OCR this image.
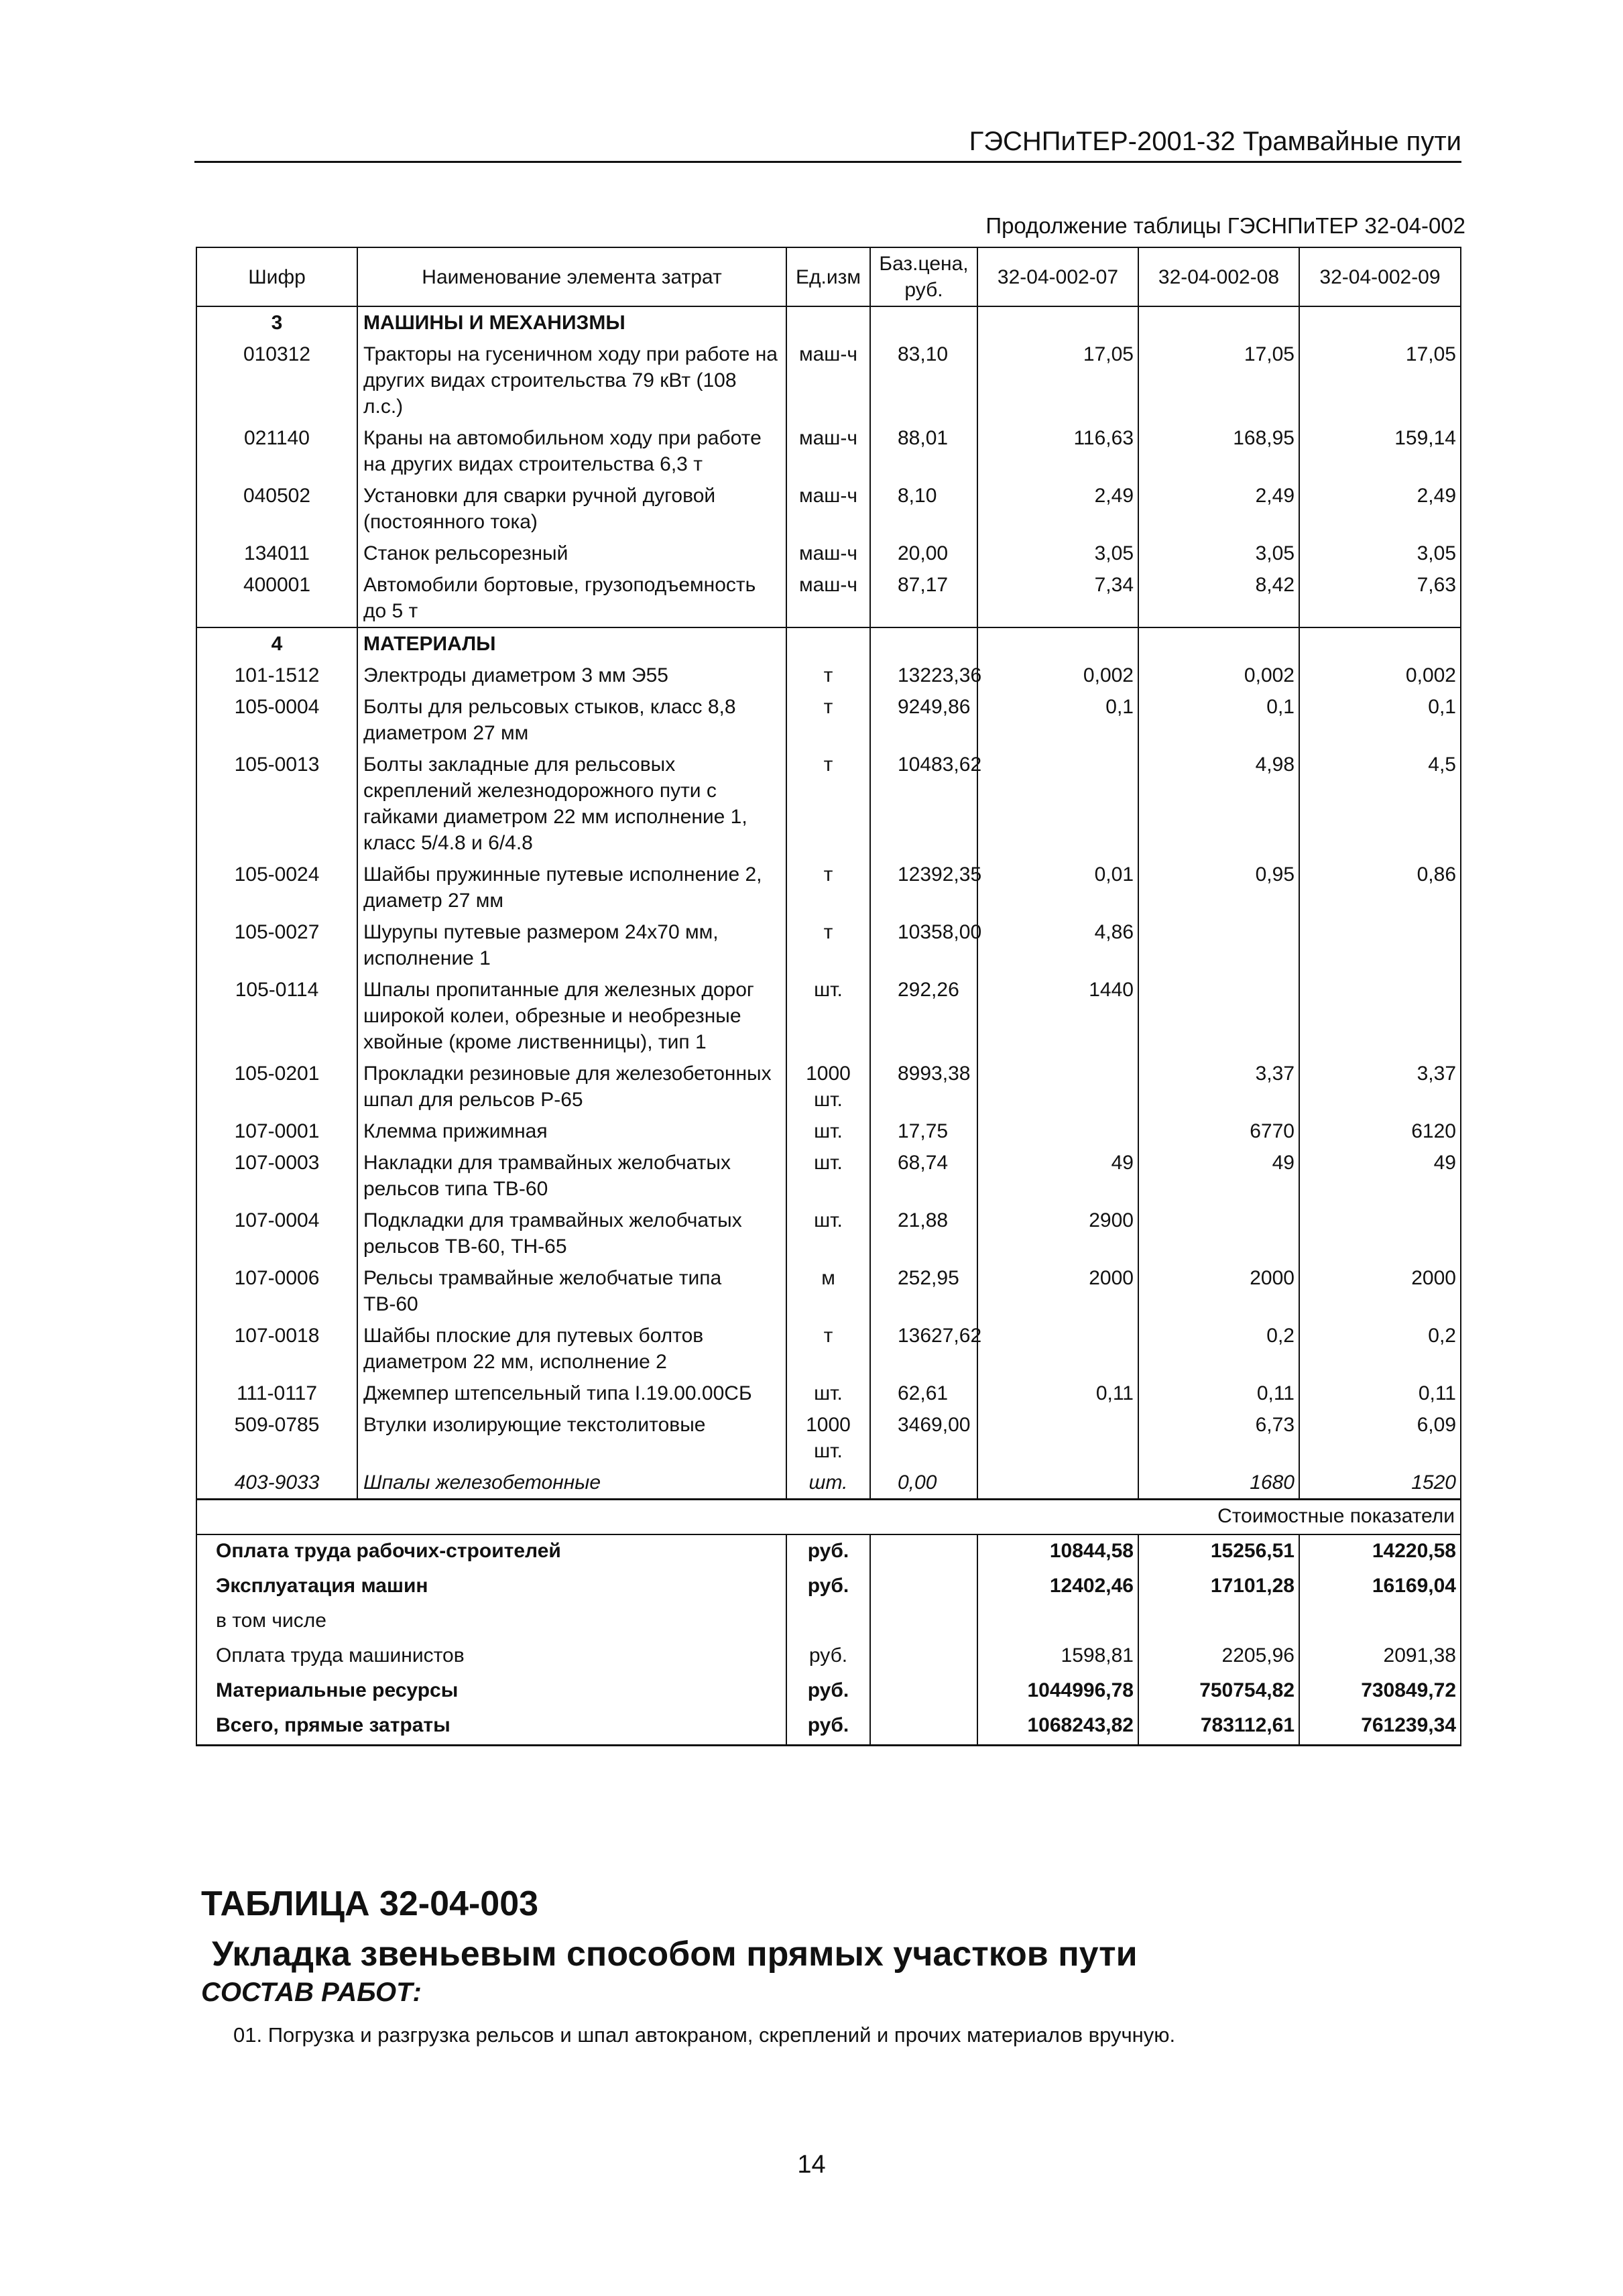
ГЭСНПиТЕР-2001-32 Трамвайные пути
Продолжение таблицы ГЭСНПиТЕР 32-04-002
Шифр	Наименование элемента затрат	Ед.изм	Баз.цена, руб.	32-04-002-07	32-04-002-08	32-04-002-09
3	МАШИНЫ И МЕХАНИЗМЫ					
010312	Тракторы на гусеничном ходу при работе на других видах строительства 79 кВт (108 л.с.)	маш-ч	83,10	17,05	17,05	17,05
021140	Краны на автомобильном ходу при работе на других видах строительства 6,3 т	маш-ч	88,01	116,63	168,95	159,14
040502	Установки для сварки ручной дуговой (постоянного тока)	маш-ч	8,10	2,49	2,49	2,49
134011	Станок рельсорезный	маш-ч	20,00	3,05	3,05	3,05
400001	Автомобили бортовые, грузоподъемность до 5 т	маш-ч	87,17	7,34	8,42	7,63
4	МАТЕРИАЛЫ					
101-1512	Электроды диаметром 3 мм Э55	т	13223,36	0,002	0,002	0,002
105-0004	Болты для рельсовых стыков, класс 8,8 диаметром 27 мм	т	9249,86	0,1	0,1	0,1
105-0013	Болты закладные для рельсовых скреплений железнодорожного пути с гайками диаметром 22 мм исполнение 1, класс 5/4.8 и 6/4.8	т	10483,62		4,98	4,5
105-0024	Шайбы пружинные путевые исполнение 2, диаметр 27 мм	т	12392,35	0,01	0,95	0,86
105-0027	Шурупы путевые размером 24x70 мм, исполнение 1	т	10358,00	4,86		
105-0114	Шпалы пропитанные для железных дорог широкой колеи, обрезные и необрезные хвойные (кроме лиственницы), тип 1	шт.	292,26	1440		
105-0201	Прокладки резиновые для железобетонных шпал для рельсов Р-65	1000 шт.	8993,38		3,37	3,37
107-0001	Клемма прижимная	шт.	17,75		6770	6120
107-0003	Накладки для трамвайных желобчатых рельсов типа ТВ-60	шт.	68,74	49	49	49
107-0004	Подкладки для трамвайных желобчатых рельсов ТВ-60, ТН-65	шт.	21,88	2900		
107-0006	Рельсы трамвайные желобчатые типа ТВ-60	м	252,95	2000	2000	2000
107-0018	Шайбы плоские для путевых болтов диаметром 22 мм, исполнение 2	т	13627,62		0,2	0,2
111-0117	Джемпер штепсельный типа I.19.00.00СБ	шт.	62,61	0,11	0,11	0,11
509-0785	Втулки изолирующие текстолитовые	1000 шт.	3469,00		6,73	6,09
403-9033	Шпалы железобетонные	шт.	0,00		1680	1520
Стоимостные показатели						
Оплата труда рабочих-строителей		руб.		10844,58	15256,51	14220,58
Эксплуатация машин		руб.		12402,46	17101,28	16169,04
в том числе						
Оплата труда машинистов		руб.		1598,81	2205,96	2091,38
Материальные ресурсы		руб.		1044996,78	750754,82	730849,72
Всего, прямые затраты		руб.		1068243,82	783112,61	761239,34
ТАБЛИЦА 32-04-003
Укладка звеньевым способом прямых участков пути
СОСТАВ РАБОТ:
01. Погрузка и разгрузка рельсов и шпал автокраном, скреплений и прочих материалов вручную.
14
